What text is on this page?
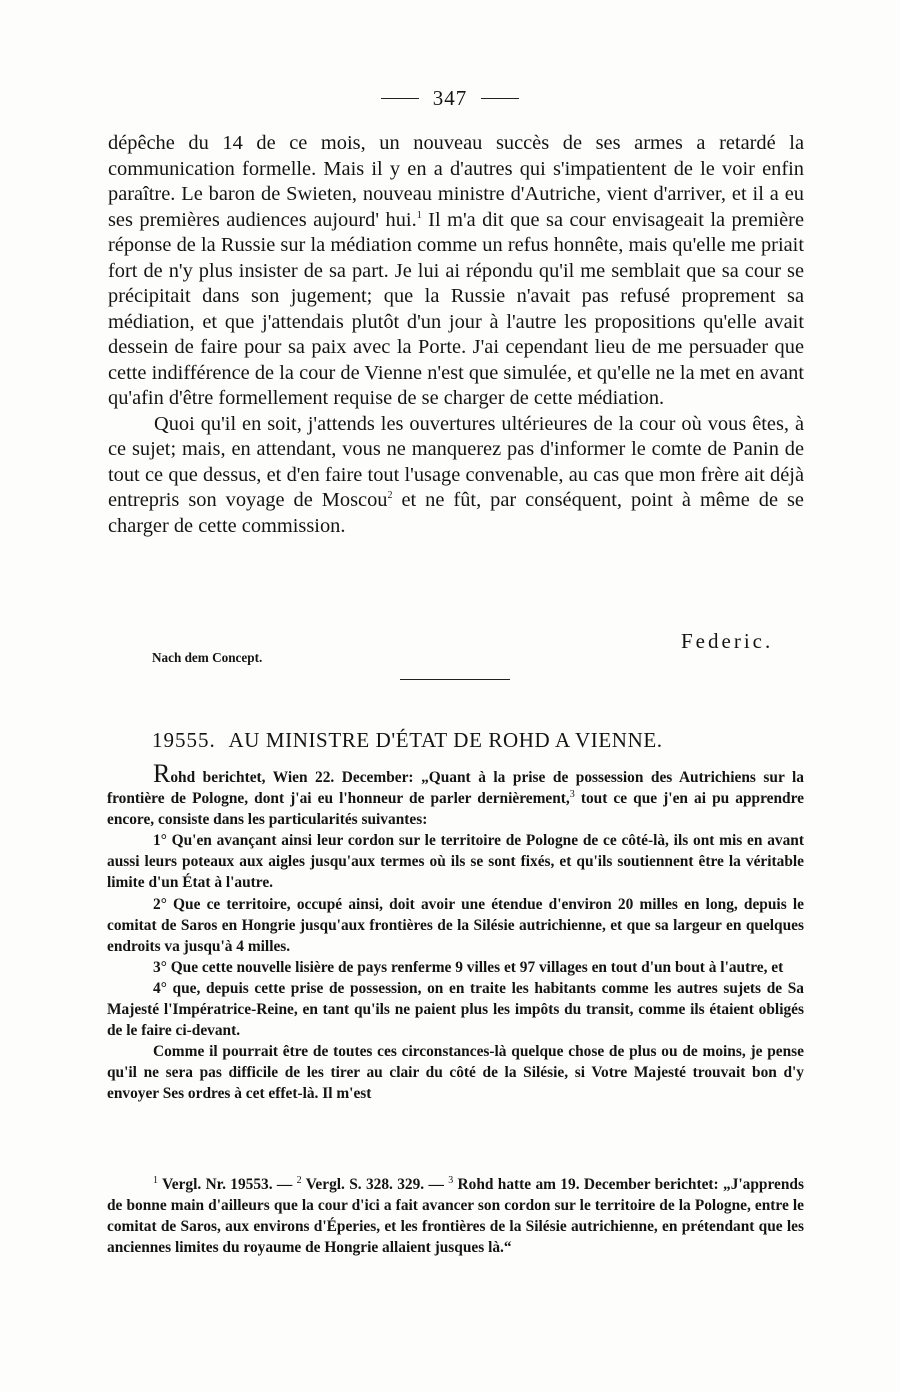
347

dépêche du 14 de ce mois, un nouveau succès de ses armes a retardé la communication formelle. Mais il y en a d'autres qui s'impatientent de le voir enfin paraître. Le baron de Swieten, nouveau ministre d'Autriche, vient d'arriver, et il a eu ses premières audiences aujourd' hui.$^1$ Il m'a dit que sa cour envisageait la première réponse de la Russie sur la médiation comme un refus honnête, mais qu'elle me priait fort de n'y plus insister de sa part. Je lui ai répondu qu'il me semblait que sa cour se précipitait dans son jugement; que la Russie n'avait pas refusé proprement sa médiation, et que j'attendais plutôt d'un jour à l'autre les propositions qu'elle avait dessein de faire pour sa paix avec la Porte. J'ai cependant lieu de me persuader que cette indifférence de la cour de Vienne n'est que simulée, et qu'elle ne la met en avant qu'afin d'être formellement requise de se charger de cette médiation.

Quoi qu'il en soit, j'attends les ouvertures ultérieures de la cour où vous êtes, à ce sujet; mais, en attendant, vous ne manquerez pas d'informer le comte de Panin de tout ce que dessus, et d'en faire tout l'usage convenable, au cas que mon frère ait déjà entrepris son voyage de Moscou$^2$ et ne fût, par conséquent, point à même de se charger de cette commission.

Federic.
Nach dem Concept.
19555. AU MINISTRE D'ÉTAT DE ROHD A VIENNE.

Rohd berichtet, Wien 22. December: „Quant à la prise de possession des Autrichiens sur la frontière de Pologne, dont j'ai eu l'honneur de parler dernièrement,$^3$ tout ce que j'en ai pu apprendre encore, consiste dans les particularités suivantes:

1° Qu'en avançant ainsi leur cordon sur le territoire de Pologne de ce côté-là, ils ont mis en avant aussi leurs poteaux aux aigles jusqu'aux termes où ils se sont fixés, et qu'ils soutiennent être la véritable limite d'un État à l'autre.

2° Que ce territoire, occupé ainsi, doit avoir une étendue d'environ 20 milles en long, depuis le comitat de Saros en Hongrie jusqu'aux frontières de la Silésie autrichienne, et que sa largeur en quelques endroits va jusqu'à 4 milles.

3° Que cette nouvelle lisière de pays renferme 9 villes et 97 villages en tout d'un bout à l'autre, et

4° que, depuis cette prise de possession, on en traite les habitants comme les autres sujets de Sa Majesté l'Impératrice-Reine, en tant qu'ils ne paient plus les impôts du transit, comme ils étaient obligés de le faire ci-devant.

Comme il pourrait être de toutes ces circonstances-là quelque chose de plus ou de moins, je pense qu'il ne sera pas difficile de les tirer au clair du côté de la Silésie, si Votre Majesté trouvait bon d'y envoyer Ses ordres à cet effet-là. Il m'est

$^1$ Vergl. Nr. 19553. — $^2$ Vergl. S. 328. 329. — $^3$ Rohd hatte am 19. December berichtet: „J'apprends de bonne main d'ailleurs que la cour d'ici a fait avancer son cordon sur le territoire de la Pologne, entre le comitat de Saros, aux environs d'Éperies, et les frontières de la Silésie autrichienne, en prétendant que les anciennes limites du royaume de Hongrie allaient jusques là.“
